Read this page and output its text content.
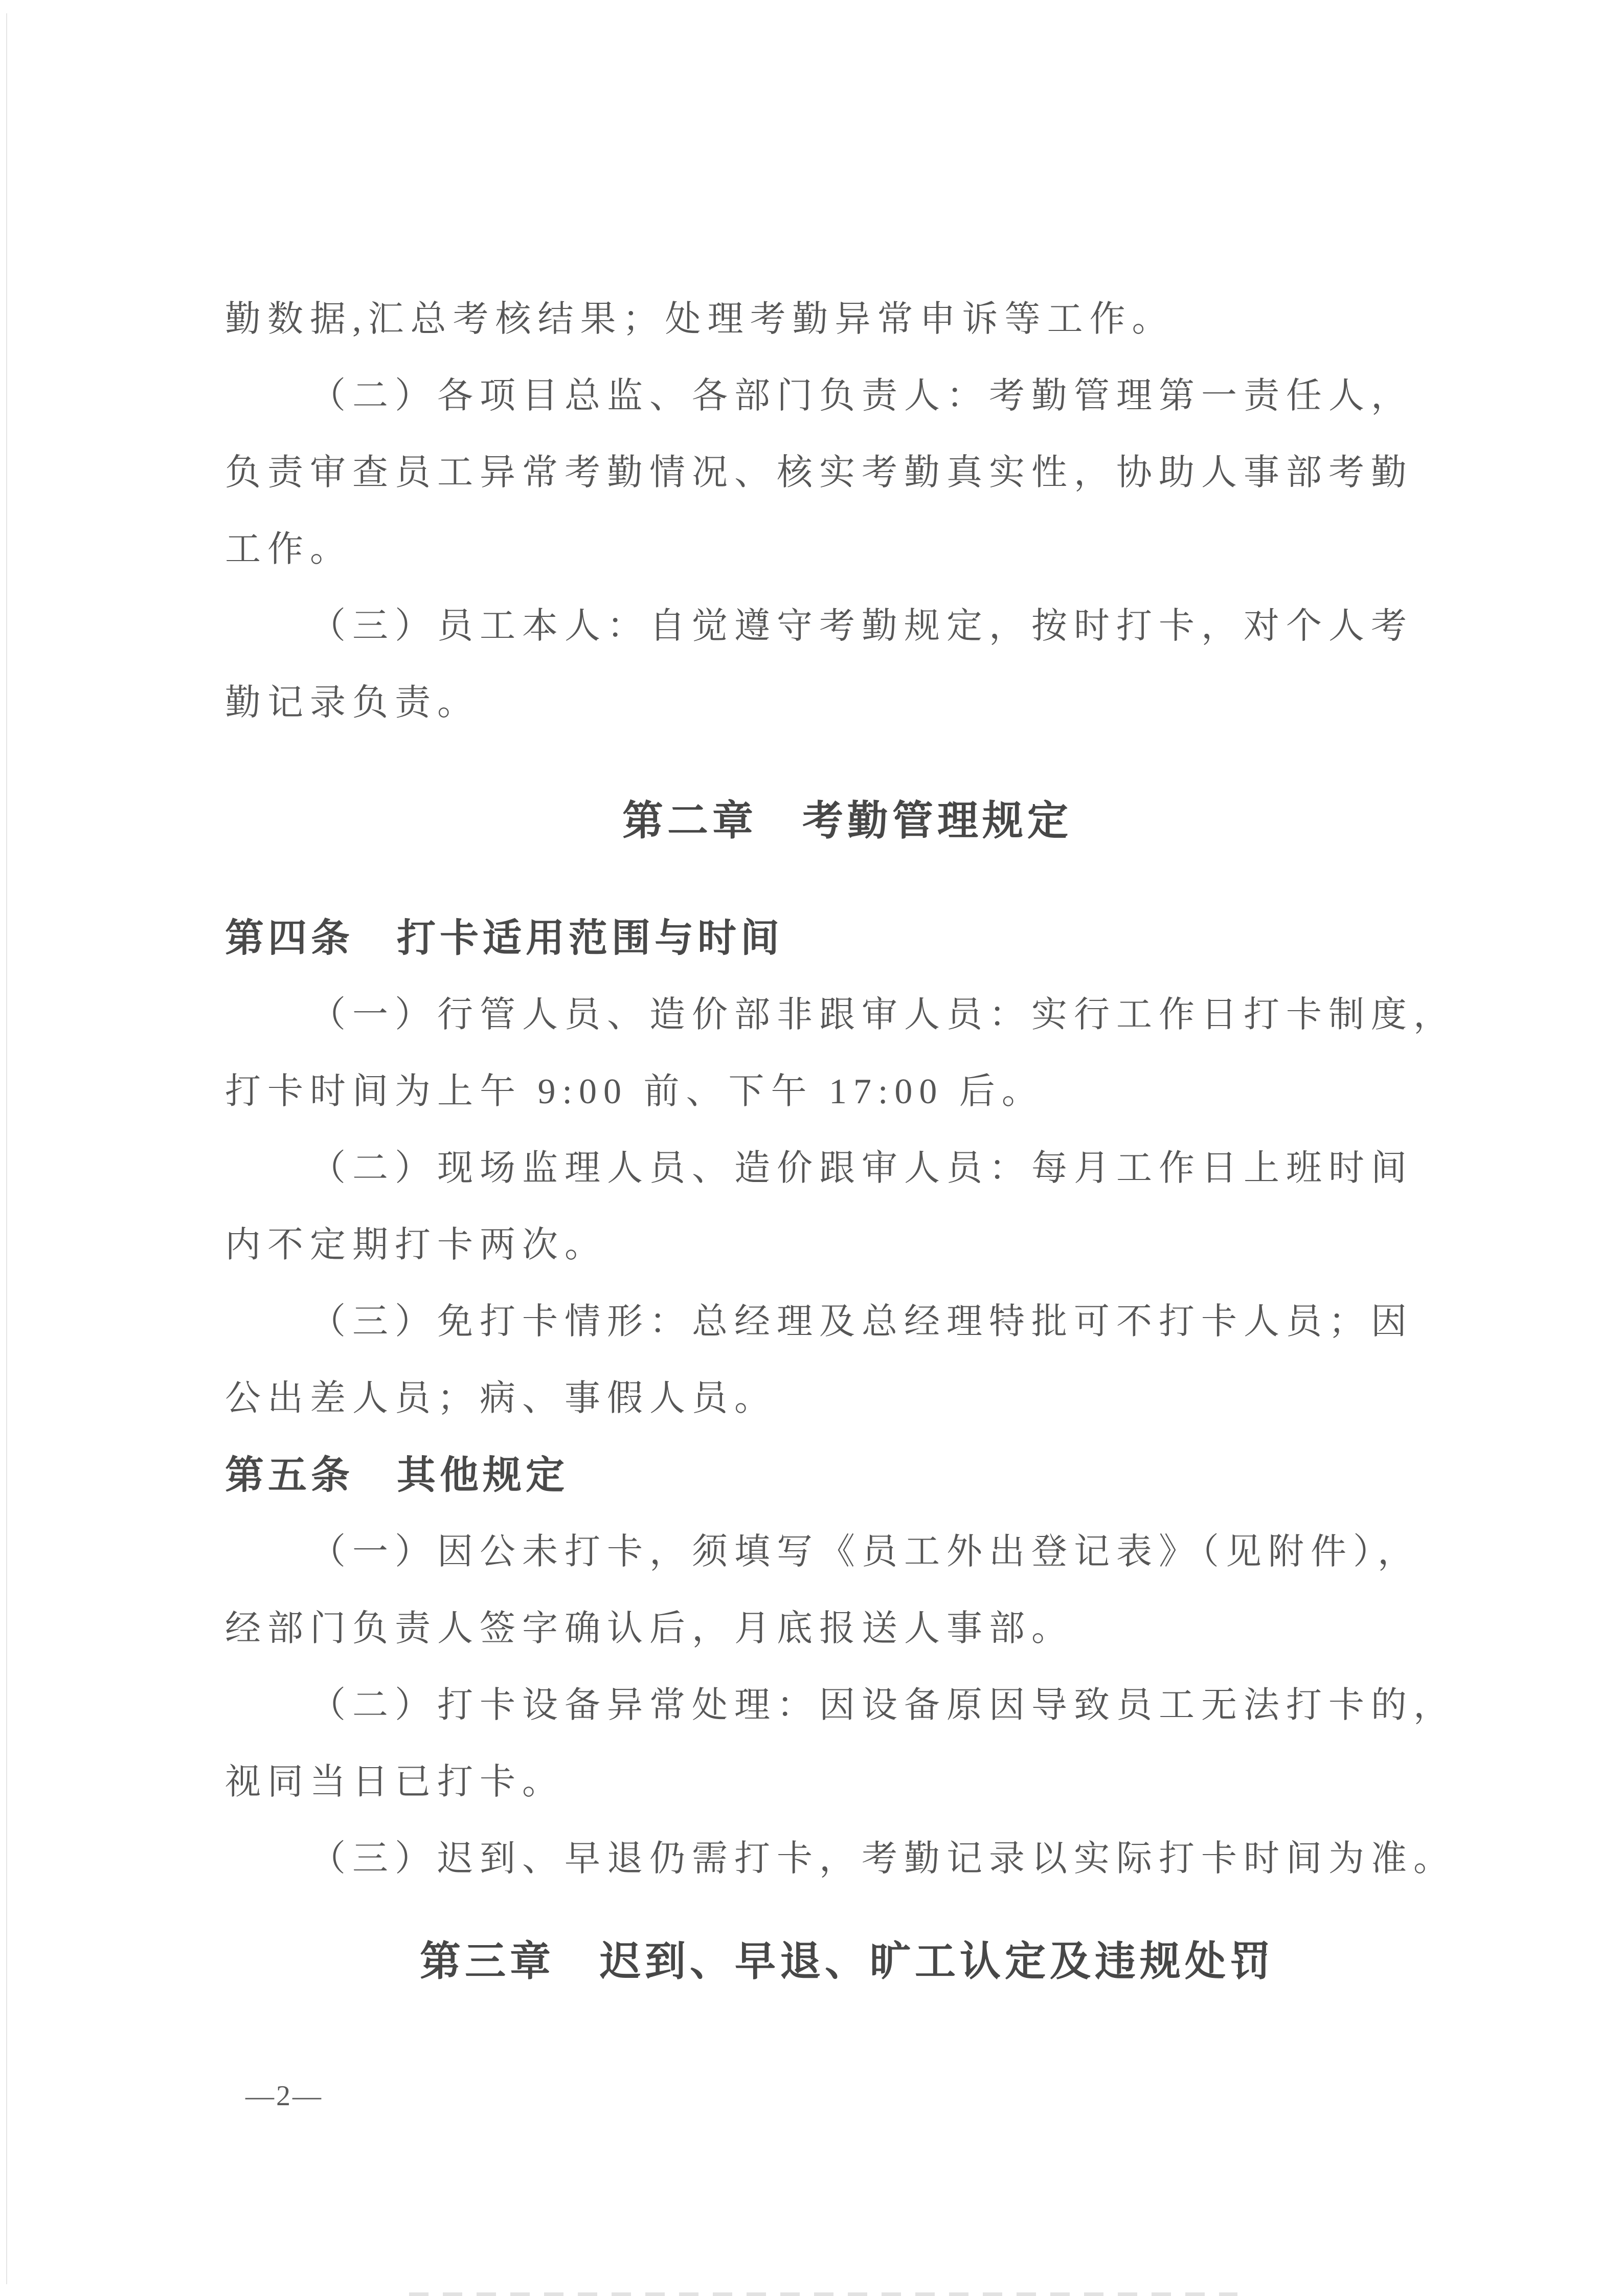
勤数据,汇总考核结果；处理考勤异常申诉等工作。

（二）各项目总监、各部门负责人：考勤管理第一责任人，

负责审查员工异常考勤情况、核实考勤真实性，协助人事部考勤

工作。

（三）员工本人：自觉遵守考勤规定，按时打卡，对个人考

勤记录负责。

第二章　考勤管理规定

第四条　打卡适用范围与时间

（一）行管人员、造价部非跟审人员：实行工作日打卡制度，

打卡时间为上午 9:00 前、下午 17:00 后。

（二）现场监理人员、造价跟审人员：每月工作日上班时间

内不定期打卡两次。

（三）免打卡情形：总经理及总经理特批可不打卡人员；因

公出差人员；病、事假人员。

第五条　其他规定

（一）因公未打卡，须填写《员工外出登记表》（见附件），

经部门负责人签字确认后，月底报送人事部。

（二）打卡设备异常处理：因设备原因导致员工无法打卡的，

视同当日已打卡。

（三）迟到、早退仍需打卡，考勤记录以实际打卡时间为准。

第三章　迟到、早退、旷工认定及违规处罚

—2—
